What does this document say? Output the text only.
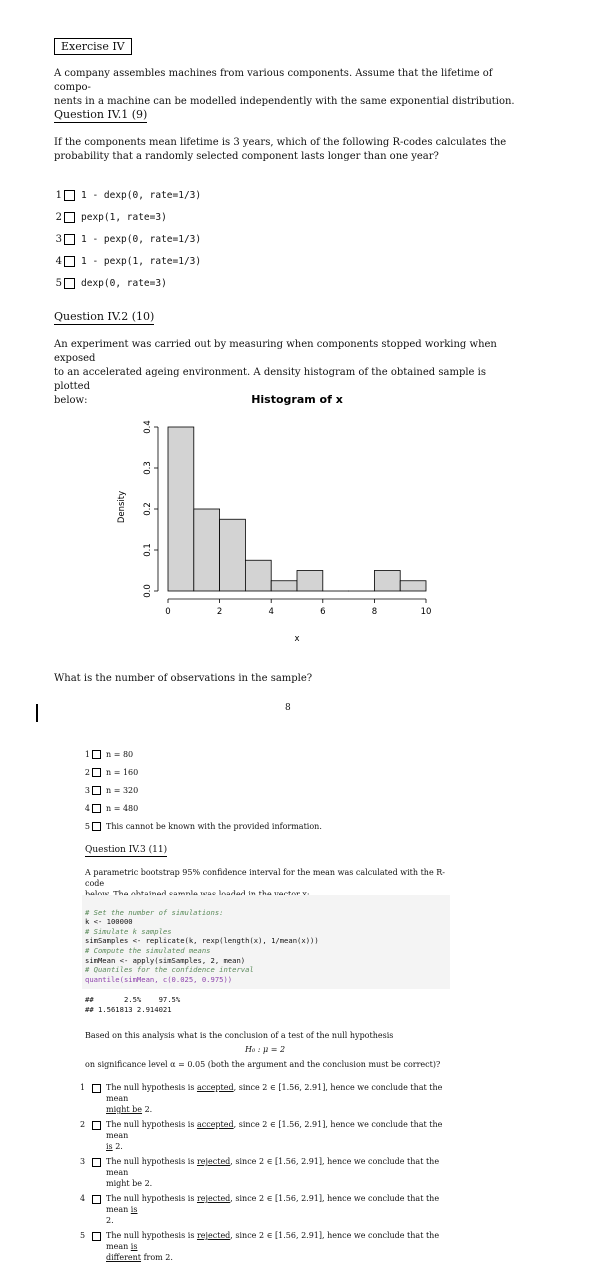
Exercise IV
A company assembles machines from various components. Assume that the lifetime of compo-
nents in a machine can be modelled independently with the same exponential distribution.
Question IV.1 (9)
If the components mean lifetime is 3 years, which of the following R-codes calculates the
probability that a randomly selected component lasts longer than one year?
1 1 - dexp(0, rate=1/3)
2 pexp(1, rate=3)
3 1 - pexp(0, rate=1/3)
4 1 - pexp(1, rate=1/3)
5 dexp(0, rate=3)
Question IV.2 (10)
An experiment was carried out by measuring when components stopped working when exposed
to an accelerated ageing environment. A density histogram of the obtained sample is plotted
below:	Histogram of x
Density
x
0	2	4	6	8	10
0.0
0.1
0.2
0.3
0.4
What is the number of observations in the sample?
8
1 n = 80
2 n = 160
3 n = 320
4 n = 480
5 This cannot be known with the provided information.
Question IV.3 (11)
A parametric bootstrap 95% confidence interval for the mean was calculated with the R-code

# Set the number of simulations:
k <- 100000
# Simulate k samples
simSamples <- replicate(k, rexp(length(x), 1/mean(x)))
# Compute the simulated means
simMean <- apply(simSamples, 2, mean)
# Quantiles for the confidence interval
quantile(simMean, c(0.025, 0.975))
##       2.5%    97.5%
## 1.561813 2.914021
Based on this analysis what is the conclusion of a test of the null hypothesis
H₀ : μ = 2
on significance level α = 0.05 (both the argument and the conclusion must be correct)?
1	The null hypothesis is accepted, since 2 ∈ [1.56, 2.91], hence we conclude that the mean
might be 2.
2	The null hypothesis is accepted, since 2 ∈ [1.56, 2.91], hence we conclude that the mean
is 2.
3	The null hypothesis is rejected, since 2 ∈ [1.56, 2.91], hence we conclude that the mean
might be 2.
4	The null hypothesis is rejected, since 2 ∈ [1.56, 2.91], hence we conclude that the mean is
2.
5	The null hypothesis is rejected, since 2 ∈ [1.56, 2.91], hence we conclude that the mean is
different from 2.
